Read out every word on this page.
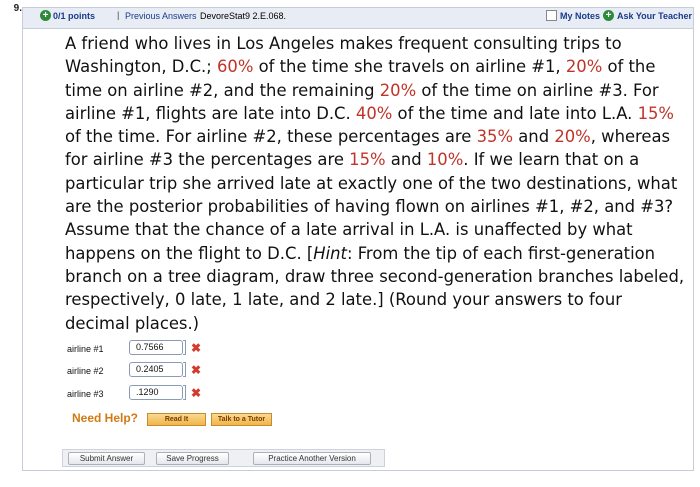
9.
+ 0/1 points | Previous Answers DevoreStat9 2.E.068.	My Notes + Ask Your Teacher
A friend who lives in Los Angeles makes frequent consulting trips to Washington, D.C.; 60% of the time she travels on airline #1, 20% of the time on airline #2, and the remaining 20% of the time on airline #3. For airline #1, flights are late into D.C. 40% of the time and late into L.A. 15% of the time. For airline #2, these percentages are 35% and 20%, whereas for airline #3 the percentages are 15% and 10%. If we learn that on a particular trip she arrived late at exactly one of the two destinations, what are the posterior probabilities of having flown on airlines #1, #2, and #3? Assume that the chance of a late arrival in L.A. is unaffected by what happens on the flight to D.C. [Hint: From the tip of each first-generation branch on a tree diagram, draw three second-generation branches labeled, respectively, 0 late, 1 late, and 2 late.] (Round your answers to four decimal places.)
airline #1	0.7566	✖
airline #2	0.2405	✖
airline #3	.1290	✖
Need Help?	Read It	Talk to a Tutor
Submit Answer	Save Progress	Practice Another Version
